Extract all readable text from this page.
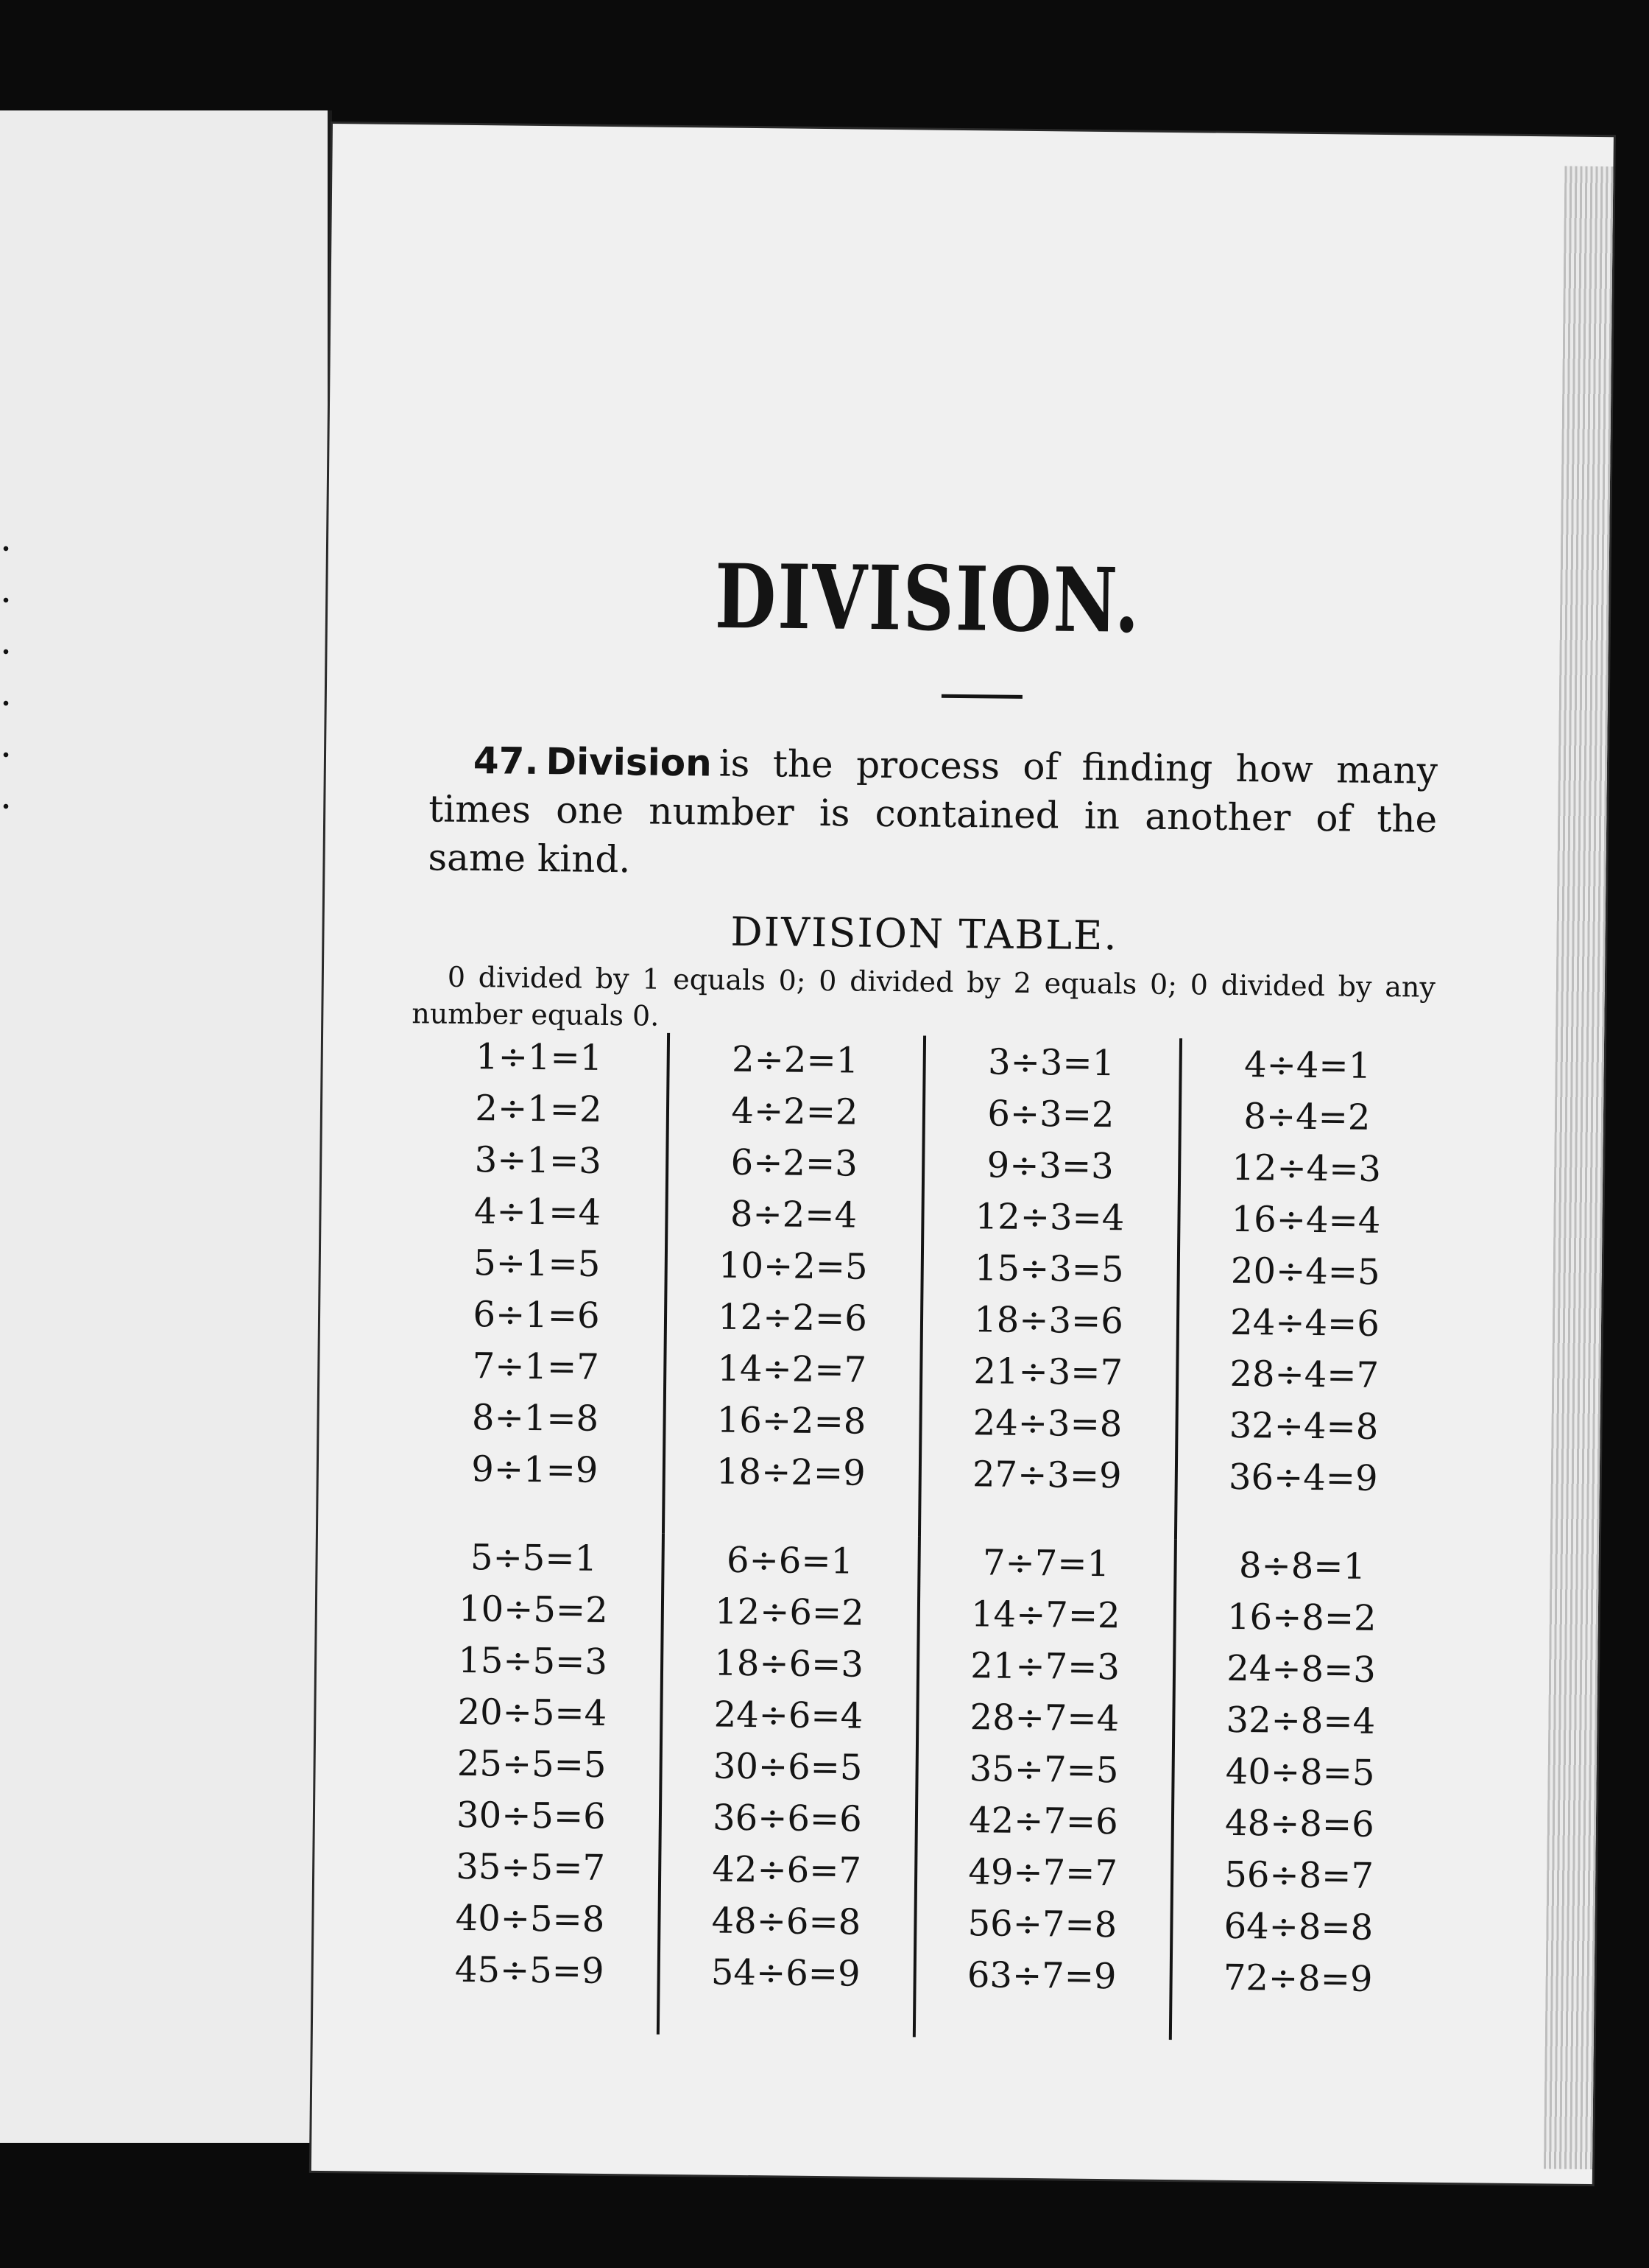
DIVISION.
47. Division is the process of finding how many times one number is contained in another of the same kind.
DIVISION TABLE.
0 divided by 1 equals 0; 0 divided by 2 equals 0; 0 divided by any number equals 0.
1÷1=1
2÷1=2
3÷1=3
4÷1=4
5÷1=5
6÷1=6
7÷1=7
8÷1=8
9÷1=9
2÷2=1
4÷2=2
6÷2=3
8÷2=4
10÷2=5
12÷2=6
14÷2=7
16÷2=8
18÷2=9
3÷3=1
6÷3=2
9÷3=3
12÷3=4
15÷3=5
18÷3=6
21÷3=7
24÷3=8
27÷3=9
4÷4=1
8÷4=2
12÷4=3
16÷4=4
20÷4=5
24÷4=6
28÷4=7
32÷4=8
36÷4=9
5÷5=1
10÷5=2
15÷5=3
20÷5=4
25÷5=5
30÷5=6
35÷5=7
40÷5=8
45÷5=9
6÷6=1
12÷6=2
18÷6=3
24÷6=4
30÷6=5
36÷6=6
42÷6=7
48÷6=8
54÷6=9
7÷7=1
14÷7=2
21÷7=3
28÷7=4
35÷7=5
42÷7=6
49÷7=7
56÷7=8
63÷7=9
8÷8=1
16÷8=2
24÷8=3
32÷8=4
40÷8=5
48÷8=6
56÷8=7
64÷8=8
72÷8=9
